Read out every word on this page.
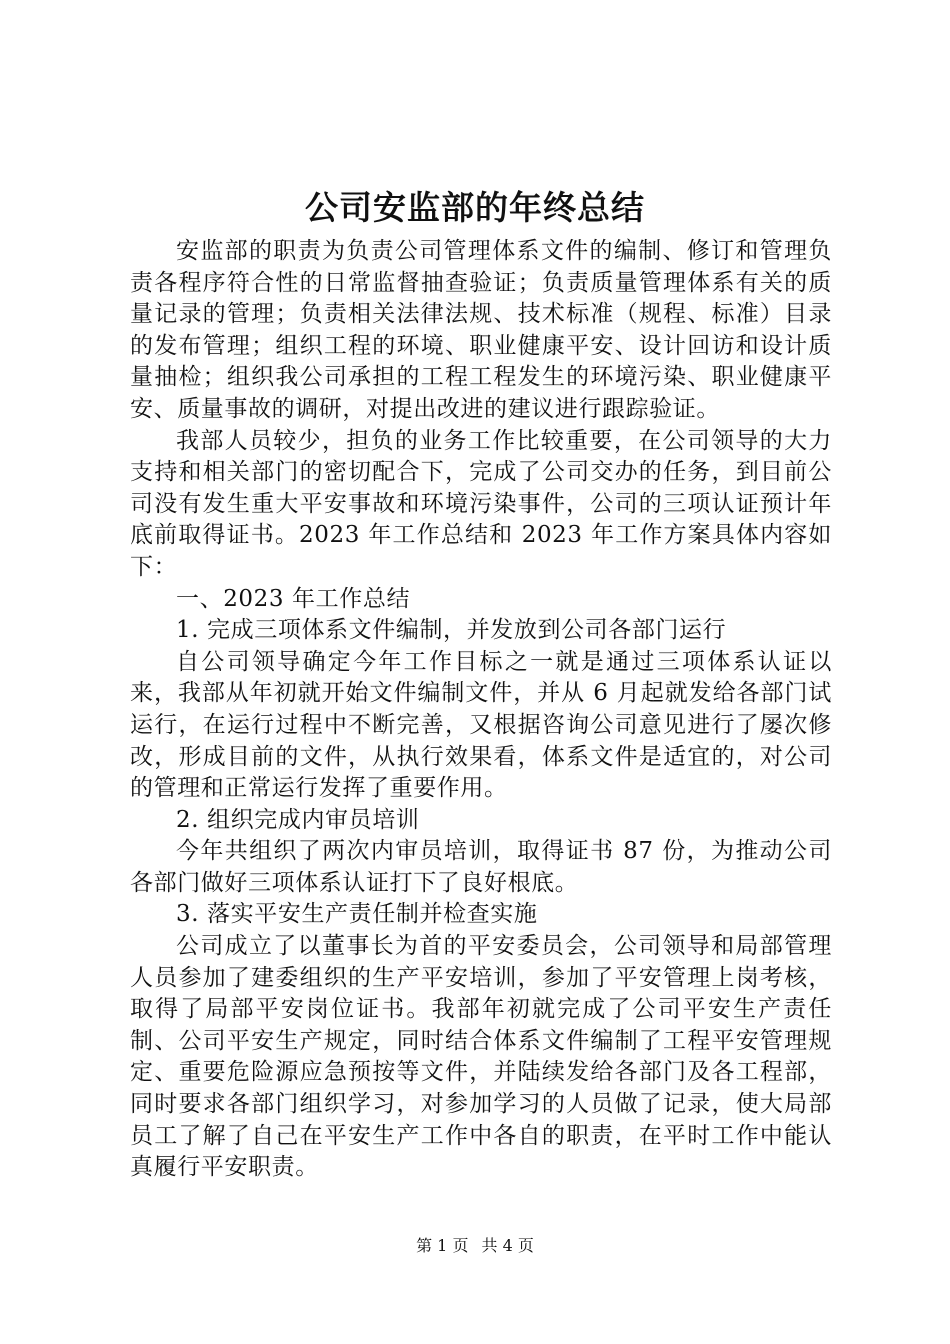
公司安监部的年终总结

安监部的职责为负责公司管理体系文件的编制、修订和管理负责各程序符合性的日常监督抽查验证；负责质量管理体系有关的质量记录的管理；负责相关法律法规、技术标准（规程、标准）目录的发布管理；组织工程的环境、职业健康平安、设计回访和设计质量抽检；组织我公司承担的工程工程发生的环境污染、职业健康平安、质量事故的调研，对提出改进的建议进行跟踪验证。

我部人员较少，担负的业务工作比较重要，在公司领导的大力支持和相关部门的密切配合下，完成了公司交办的任务，到目前公司没有发生重大平安事故和环境污染事件，公司的三项认证预计年底前取得证书。2023 年工作总结和 2023 年工作方案具体内容如下：

一、2023 年工作总结

1. 完成三项体系文件编制，并发放到公司各部门运行

自公司领导确定今年工作目标之一就是通过三项体系认证以来，我部从年初就开始文件编制文件，并从 6 月起就发给各部门试运行，在运行过程中不断完善，又根据咨询公司意见进行了屡次修改，形成目前的文件，从执行效果看，体系文件是适宜的，对公司的管理和正常运行发挥了重要作用。

2. 组织完成内审员培训

今年共组织了两次内审员培训，取得证书 87 份，为推动公司各部门做好三项体系认证打下了良好根底。

3. 落实平安生产责任制并检查实施

公司成立了以董事长为首的平安委员会，公司领导和局部管理人员参加了建委组织的生产平安培训，参加了平安管理上岗考核，取得了局部平安岗位证书。我部年初就完成了公司平安生产责任制、公司平安生产规定，同时结合体系文件编制了工程平安管理规定、重要危险源应急预按等文件，并陆续发给各部门及各工程部，同时要求各部门组织学习，对参加学习的人员做了记录，使大局部员工了解了自己在平安生产工作中各自的职责，在平时工作中能认真履行平安职责。

第 1 页 共 4 页
